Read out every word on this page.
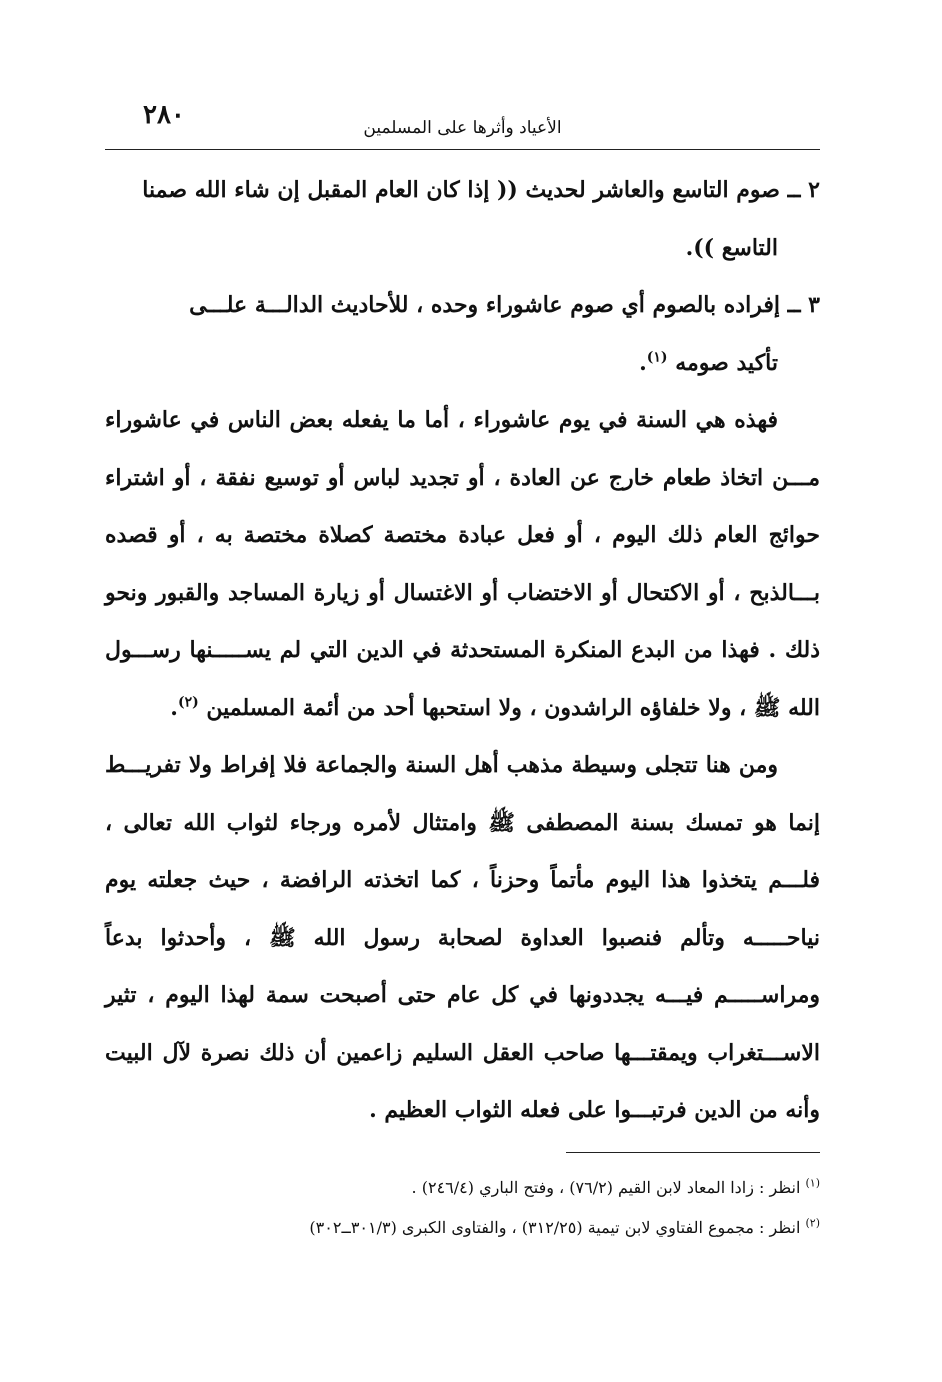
٢٨٠	الأعياد وأثرها على المسلمين

٢ ــ صوم التاسع والعاشر لحديث (( إذا كان العام المقبل إن شاء الله صمنا

التاسع )).

٣ ــ إفراده بالصوم أي صوم عاشوراء وحده ، للأحاديث الدالـــة علـــى

تأكيد صومه $^{(١)}$.

فهذه هي السنة في يوم عاشوراء ، أما ما يفعله بعض الناس في عاشوراء مـــن اتخاذ طعام خارج عن العادة ، أو تجديد لباس أو توسيع نفقة ، أو اشتراء حوائج العام ذلك اليوم ، أو فعل عبادة مختصة كصلاة مختصة به ، أو قصده بـــالذبح ، أو الاكتحال أو الاختضاب أو الاغتسال أو زيارة المساجد والقبور ونحو ذلك . فهذا من البدع المنكرة المستحدثة في الدين التي لم يســـــنها رســـول الله ﷺ ، ولا خلفاؤه الراشدون ، ولا استحبها أحد من أئمة المسلمين $^{(٢)}$.

ومن هنا تتجلى وسيطة مذهب أهل السنة والجماعة فلا إفراط ولا تفريـــط إنما هو تمسك بسنة المصطفى ﷺ وامتثال لأمره ورجاء لثواب الله تعالى ، فلـــم يتخذوا هذا اليوم مأتماً وحزناً ، كما اتخذته الرافضة ، حيث جعلته يوم نياحـــــه وتألم فنصبوا العداوة لصحابة رسول الله ﷺ ، وأحدثوا بدعاً ومراســـــم فيـــه يجددونها في كل عام حتى أصبحت سمة لهذا اليوم ، تثير الاســـتغراب ويمقتـــها صاحب العقل السليم زاعمين أن ذلك نصرة لآل البيت وأنه من الدين فرتبـــوا على فعله الثواب العظيم .

$^{(١)}$ انظر : زادا المعاد لابن القيم (٧٦/٢) ، وفتح الباري (٢٤٦/٤) .

$^{(٢)}$ انظر : مجموع الفتاوي لابن تيمية (٣١٢/٢٥) ، والفتاوى الكبرى (٣٠١/٣ــ٣٠٢)
